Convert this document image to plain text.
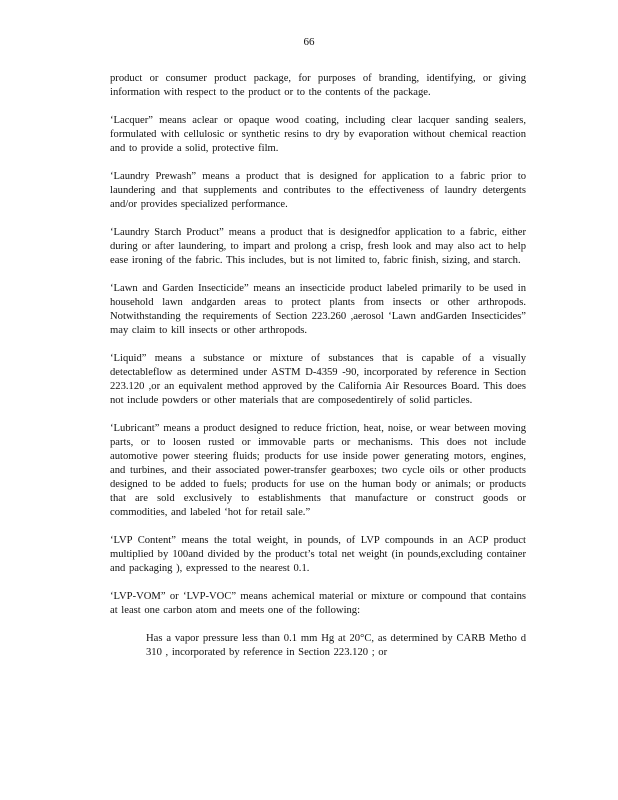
66

product or consumer product package, for purposes of branding, identifying, or giving information with respect to the product or to the contents of the package.

‘Lacquer” means aclear or opaque wood coating, including clear lacquer sanding sealers, formulated with cellulosic or synthetic resins to dry by evaporation without chemical reaction and to provide a solid, protective film.

‘Laundry Prewash” means a product that is designed for application to a fabric prior to laundering and that supplements and contributes to the effectiveness of laundry detergents and/or provides specialized performance.

‘Laundry Starch Product” means a product that is designedfor application to a fabric, either during or after laundering, to impart and prolong a crisp, fresh look and may also act to help ease ironing of the fabric. This includes, but is not limited to, fabric finish, sizing, and starch.

‘Lawn and Garden Insecticide” means an insecticide product labeled primarily to be used in household lawn andgarden areas to protect plants from insects or other arthropods. Notwithstanding the requirements of Section 223.260 ,aerosol ‘Lawn andGarden Insecticides” may claim to kill insects or other arthropods.

‘Liquid” means a substance or mixture of substances that is capable of a visually detectableflow as determined under ASTM D-4359 -90, incorporated by reference in Section 223.120 ,or an equivalent method approved by the California Air Resources Board. This does not include powders or other materials that are composedentirely of solid particles.

‘Lubricant” means a product designed to reduce friction, heat, noise, or wear between moving parts, or to loosen rusted or immovable parts or mechanisms. This does not include automotive power steering fluids; products for use inside power generating motors, engines, and turbines, and their associated power-transfer gearboxes; two cycle oils or other products designed to be added to fuels; products for use on the human body or animals; or products that are sold exclusively to establishments that manufacture or construct goods or commodities, and labeled ‘hot for retail sale.”

‘LVP Content” means the total weight, in pounds, of LVP compounds in an ACP product multiplied by 100and divided by the product’s total net weight (in pounds,excluding container and packaging ), expressed to the nearest 0.1.

‘LVP-VOM” or ‘LVP-VOC” means achemical material or mixture or compound that contains at least one carbon atom and meets one of the following:

Has a vapor pressure less than 0.1 mm Hg at 20°C, as determined by CARB Metho d 310 , incorporated by reference in Section 223.120 ; or
